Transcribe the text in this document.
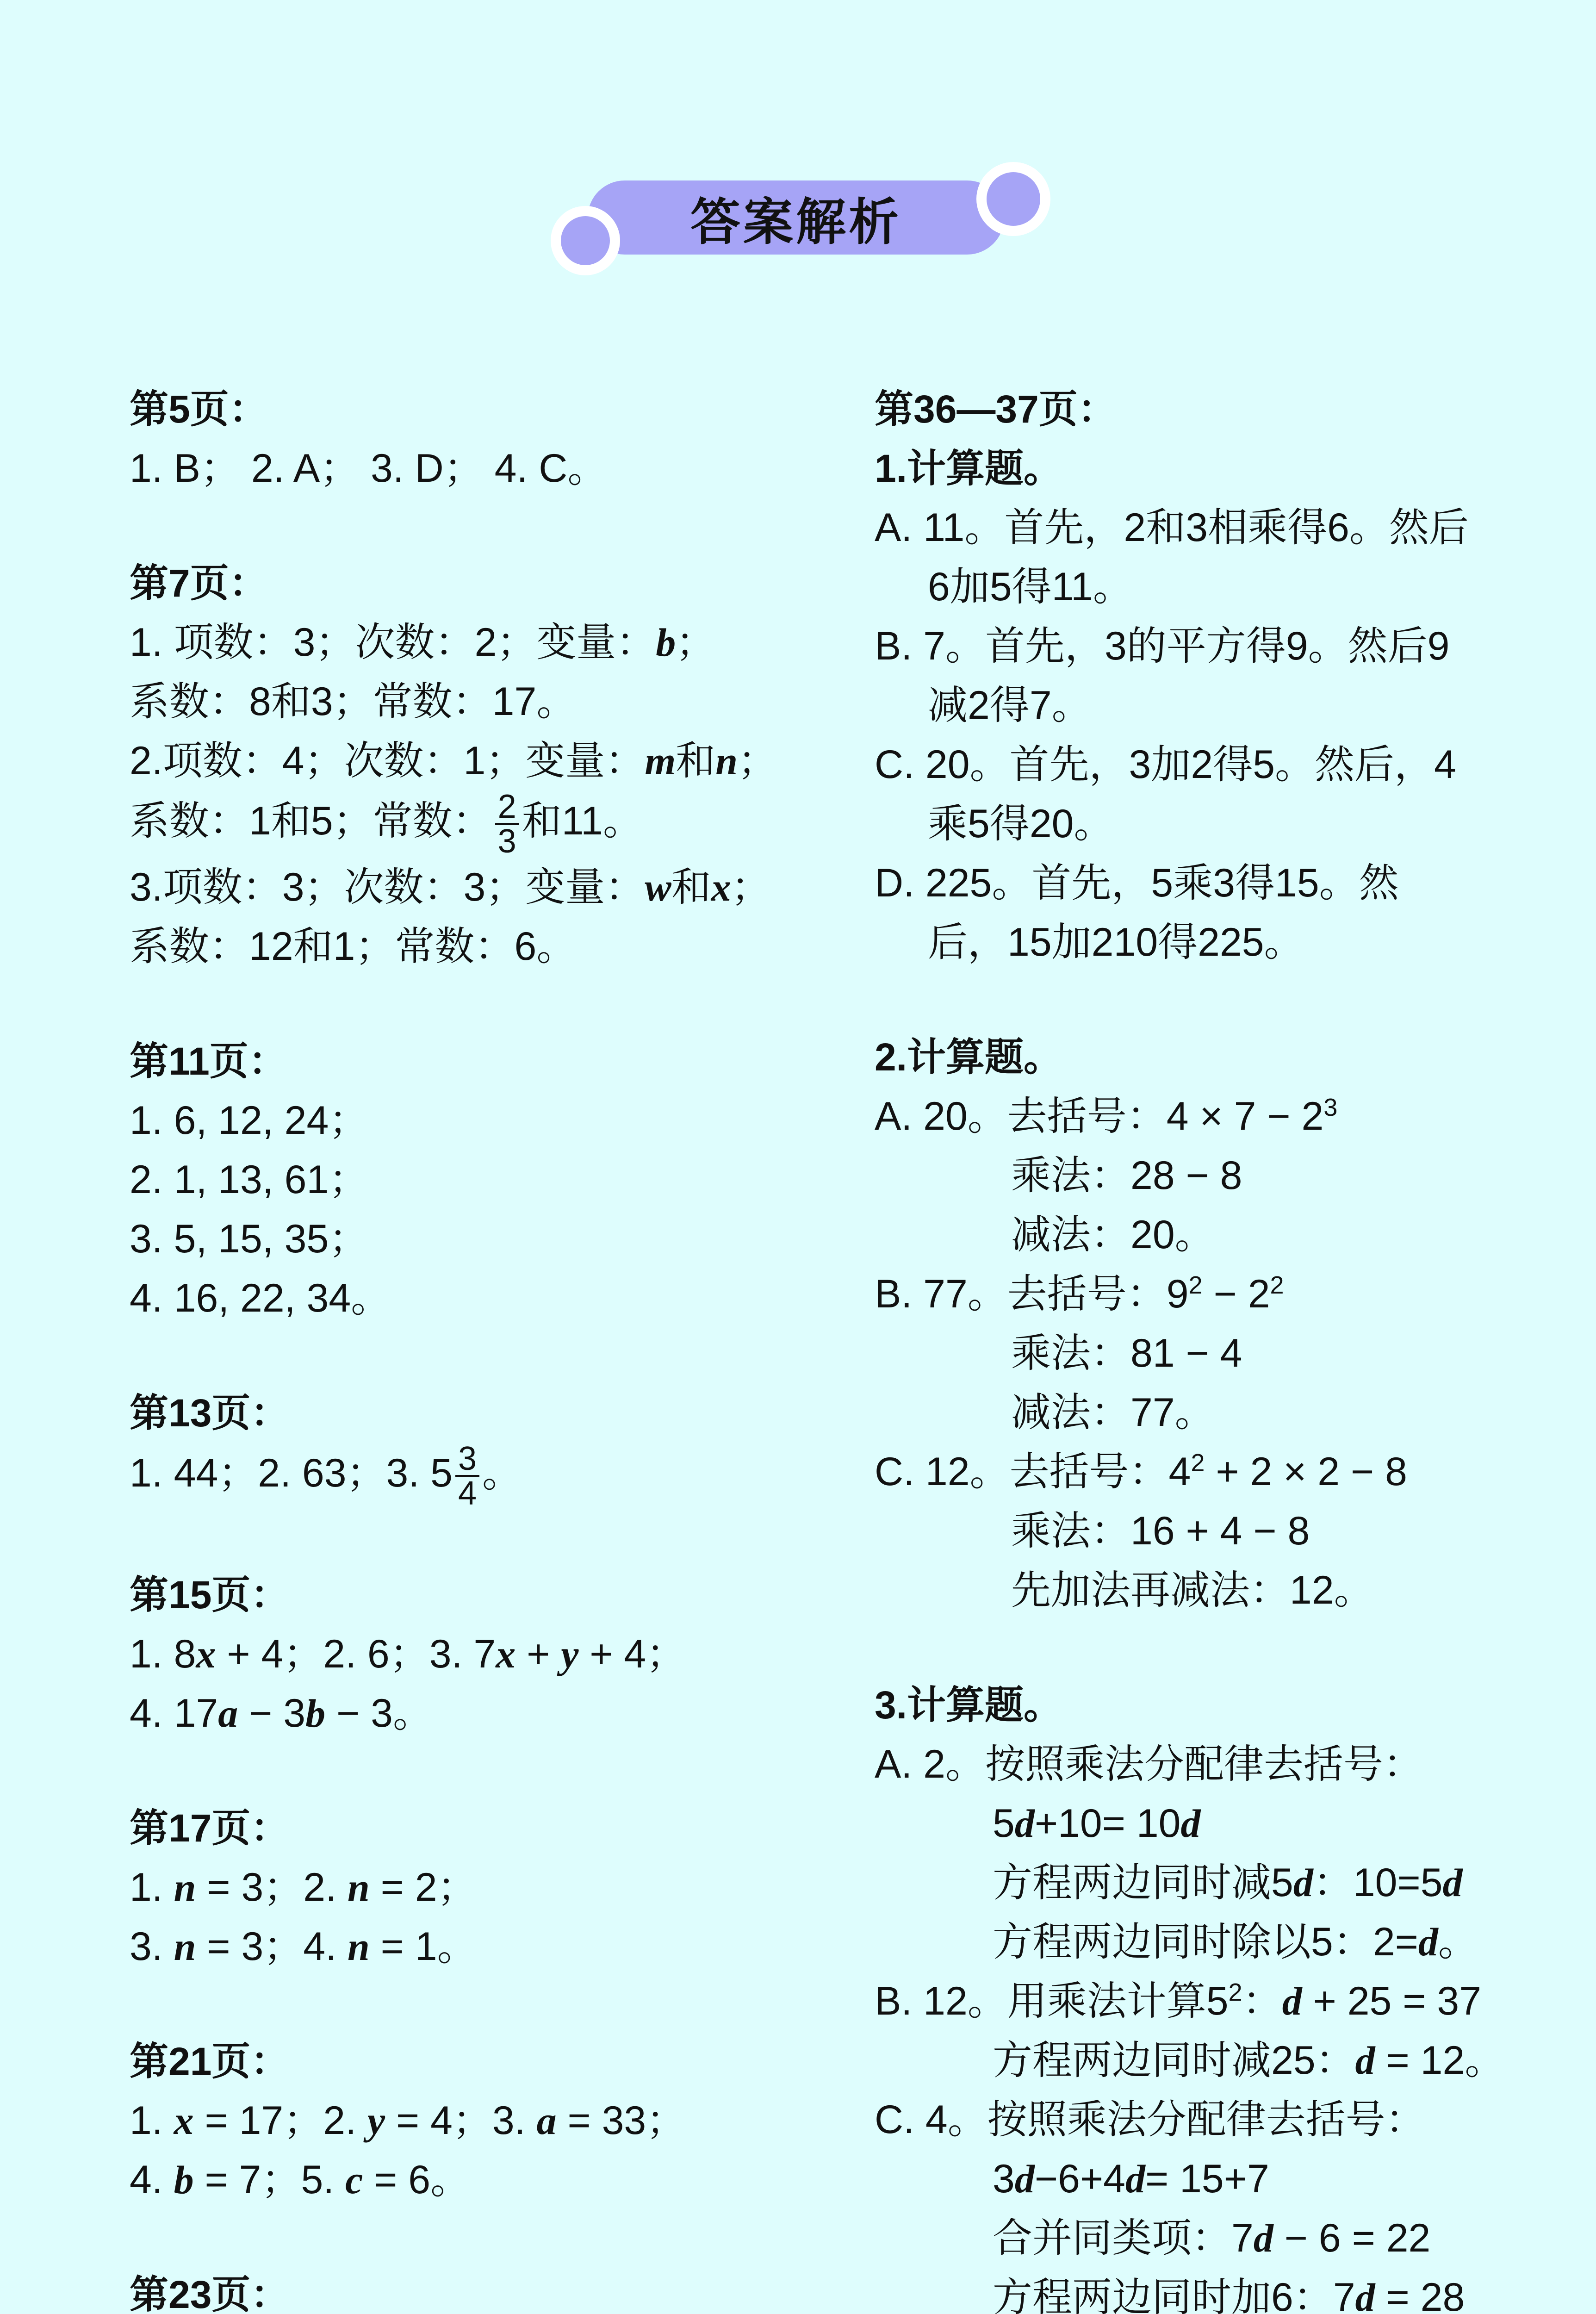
答案解析
第5页：
1. B； 2. A； 3. D； 4. C。
第7页：
1. 项数：3；次数：2；变量：b；
系数：8和3；常数：17。
2.项数：4；次数：1；变量：m和n；
系数：1和5；常数： $\frac{2}{3}$ 和11。
3.项数：3；次数：3；变量：w和x；
系数：12和1；常数：6。
第11页：
1. 6, 12, 24；
2. 1, 13, 61；
3. 5, 15, 35；
4. 16, 22, 34。
第13页：
1. 44；2. 63；3. $5 \frac{3}{4}$ 。
第15页：
1. 8x + 4；2. 6；3. 7x + y + 4；
4. 17a − 3b − 3。
第17页：
1. n = 3；2. n = 2；
3. n = 3；4. n = 1。
第21页：
1. x = 17；2. y = 4；3. a = 33；
4. b = 7；5. c = 6。
第23页：
第36—37页：
1.计算题。
A. 11。首先，2和3相乘得6。然后
6加5得11。
B. 7。首先，3的平方得9。然后9
减2得7。
C. 20。首先，3加2得5。然后，4
乘5得20。
D. 225。首先，5乘3得15。然
后，15加210得225。
2.计算题。
A. 20。去括号：$4 \times 7 - 2^3$
乘法：28 − 8
减法：20。
B. 77。去括号：$9^2 - 2^2$
乘法：81 − 4
减法：77。
C. 12。去括号：$4^2 + 2 \times 2 - 8$
乘法：16 + 4 − 8
先加法再减法：12。
3.计算题。
A. 2。按照乘法分配律去括号：
5d+10= 10d
方程两边同时减5d：10=5d
方程两边同时除以5：2=d。
B. 12。用乘法计算$5^2$：d + 25 = 37
方程两边同时减25：d = 12。
C. 4。按照乘法分配律去括号：
3d−6+4d= 15+7
合并同类项：7d − 6 = 22
方程两边同时加6：7d = 28
